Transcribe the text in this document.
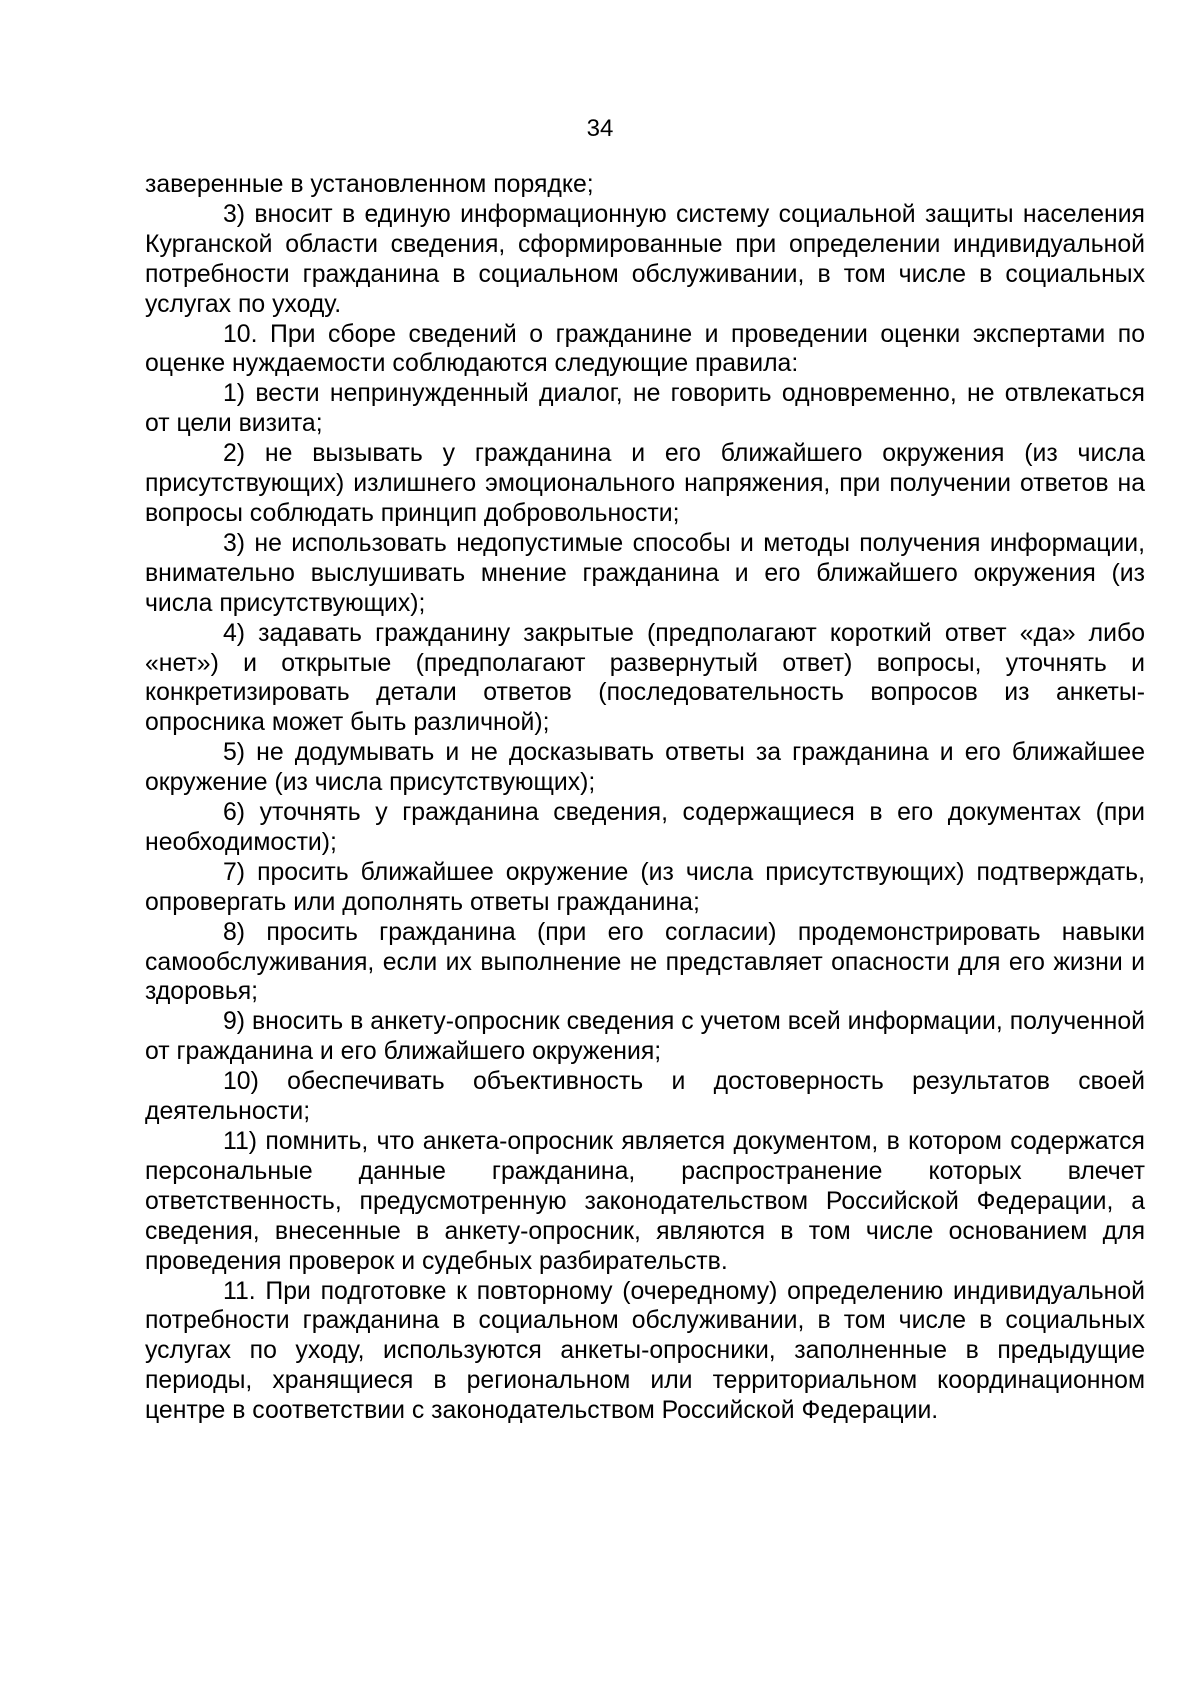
34

заверенные в установленном порядке;

3) вносит в единую информационную систему социальной защиты населения Курганской области сведения, сформированные при определении индивидуальной потребности гражданина в социальном обслуживании, в том числе в социальных услугах по уходу.

10. При сборе сведений о гражданине и проведении оценки экспертами по оценке нуждаемости соблюдаются следующие правила:

1) вести непринужденный диалог, не говорить одновременно, не отвлекаться от цели визита;

2) не вызывать у гражданина и его ближайшего окружения (из числа присутствующих) излишнего эмоционального напряжения, при получении ответов на вопросы соблюдать принцип добровольности;

3) не использовать недопустимые способы и методы получения информации, внимательно выслушивать мнение гражданина и его ближайшего окружения (из числа присутствующих);

4) задавать гражданину закрытые (предполагают короткий ответ «да» либо «нет») и открытые (предполагают развернутый ответ) вопросы, уточнять и конкретизировать детали ответов (последовательность вопросов из анкеты-опросника может быть различной);

5) не додумывать и не досказывать ответы за гражданина и его ближайшее окружение (из числа присутствующих);

6) уточнять у гражданина сведения, содержащиеся в его документах (при необходимости);

7) просить ближайшее окружение (из числа присутствующих) подтверждать, опровергать или дополнять ответы гражданина;

8) просить гражданина (при его согласии) продемонстрировать навыки самообслуживания, если их выполнение не представляет опасности для его жизни и здоровья;

9) вносить в анкету-опросник сведения с учетом всей информации, полученной от гражданина и его ближайшего окружения;

10) обеспечивать объективность и достоверность результатов своей деятельности;

11) помнить, что анкета-опросник является документом, в котором содержатся персональные данные гражданина, распространение которых влечет ответственность, предусмотренную законодательством Российской Федерации, а сведения, внесенные в анкету-опросник, являются в том числе основанием для проведения проверок и судебных разбирательств.

11. При подготовке к повторному (очередному) определению индивидуальной потребности гражданина в социальном обслуживании, в том числе в социальных услугах по уходу, используются анкеты-опросники, заполненные в предыдущие периоды, хранящиеся в региональном или территориальном координационном центре в соответствии с законодательством Российской Федерации.
